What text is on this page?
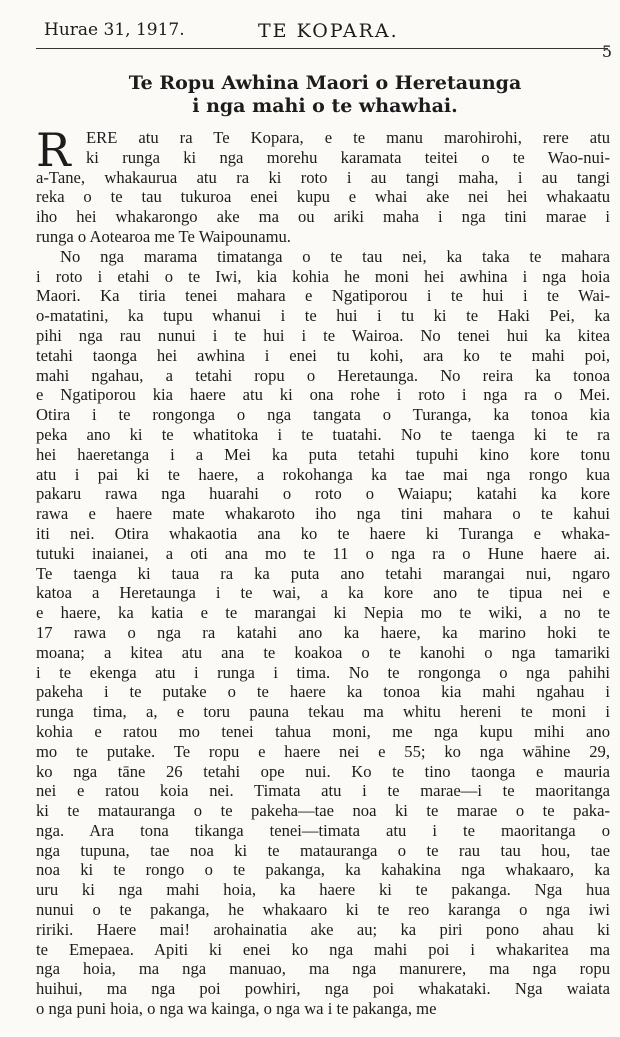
Hurae 31, 1917.	TE KOPARA.
5
Te Ropu Awhina Maori o Heretaunga
i nga mahi o te whawhai.
R ERE atu ra Te Kopara, e te manu marohirohi, rere atu
ki runga ki nga morehu karamata teitei o te Wao-nui-
a-Tane, whakaurua atu ra ki roto i au tangi maha, i au tangi
reka o te tau tukuroa enei kupu e whai ake nei hei whakaatu
iho hei whakarongo ake ma ou ariki maha i nga tini marae i
runga o Aotearoa me Te Waipounamu.
No nga marama timatanga o te tau nei, ka taka te mahara
i roto i etahi o te Iwi, kia kohia he moni hei awhina i nga hoia
Maori. Ka tiria tenei mahara e Ngatiporou i te hui i te Wai-
o-matatini, ka tupu whanui i te hui i tu ki te Haki Pei, ka
pihi nga rau nunui i te hui i te Wairoa. No tenei hui ka kitea
tetahi taonga hei awhina i enei tu kohi, ara ko te mahi poi,
mahi ngahau, a tetahi ropu o Heretaunga. No reira ka tonoa
e Ngatiporou kia haere atu ki ona rohe i roto i nga ra o Mei.
Otira i te rongonga o nga tangata o Turanga, ka tonoa kia
peka ano ki te whatitoka i te tuatahi. No te taenga ki te ra
hei haeretanga i a Mei ka puta tetahi tupuhi kino kore tonu
atu i pai ki te haere, a rokohanga ka tae mai nga rongo kua
pakaru rawa nga huarahi o roto o Waiapu; katahi ka kore
rawa e haere mate whakaroto iho nga tini mahara o te kahui
iti nei. Otira whakaotia ana ko te haere ki Turanga e whaka-
tutuki inaianei, a oti ana mo te 11 o nga ra o Hune haere ai.
Te taenga ki taua ra ka puta ano tetahi marangai nui, ngaro
katoa a Heretaunga i te wai, a ka kore ano te tipua nei e
e haere, ka katia e te marangai ki Nepia mo te wiki, a no te
17 rawa o nga ra katahi ano ka haere, ka marino hoki te
moana; a kitea atu ana te koakoa o te kanohi o nga tamariki
i te ekenga atu i runga i tima. No te rongonga o nga pahihi
pakeha i te putake o te haere ka tonoa kia mahi ngahau i
runga tima, a, e toru pauna tekau ma whitu hereni te moni i
kohia e ratou mo tenei tahua moni, me nga kupu mihi ano
mo te putake. Te ropu e haere nei e 55; ko nga wāhine 29,
ko nga tāne 26 tetahi ope nui. Ko te tino taonga e mauria
nei e ratou koia nei. Timata atu i te marae—i te maoritanga
ki te matauranga o te pakeha—tae noa ki te marae o te paka-
nga. Ara tona tikanga tenei—timata atu i te maoritanga o
nga tupuna, tae noa ki te matauranga o te rau tau hou, tae
noa ki te rongo o te pakanga, ka kahakina nga whakaaro, ka
uru ki nga mahi hoia, ka haere ki te pakanga. Nga hua
nunui o te pakanga, he whakaaro ki te reo karanga o nga iwi
ririki. Haere mai! arohainatia ake au; ka piri pono ahau ki
te Emepaea. Apiti ki enei ko nga mahi poi i whakaritea ma
nga hoia, ma nga manuao, ma nga manurere, ma nga ropu
huihui, ma nga poi powhiri, nga poi whakataki. Nga waiata
o nga puni hoia, o nga wa kainga, o nga wa i te pakanga, me
